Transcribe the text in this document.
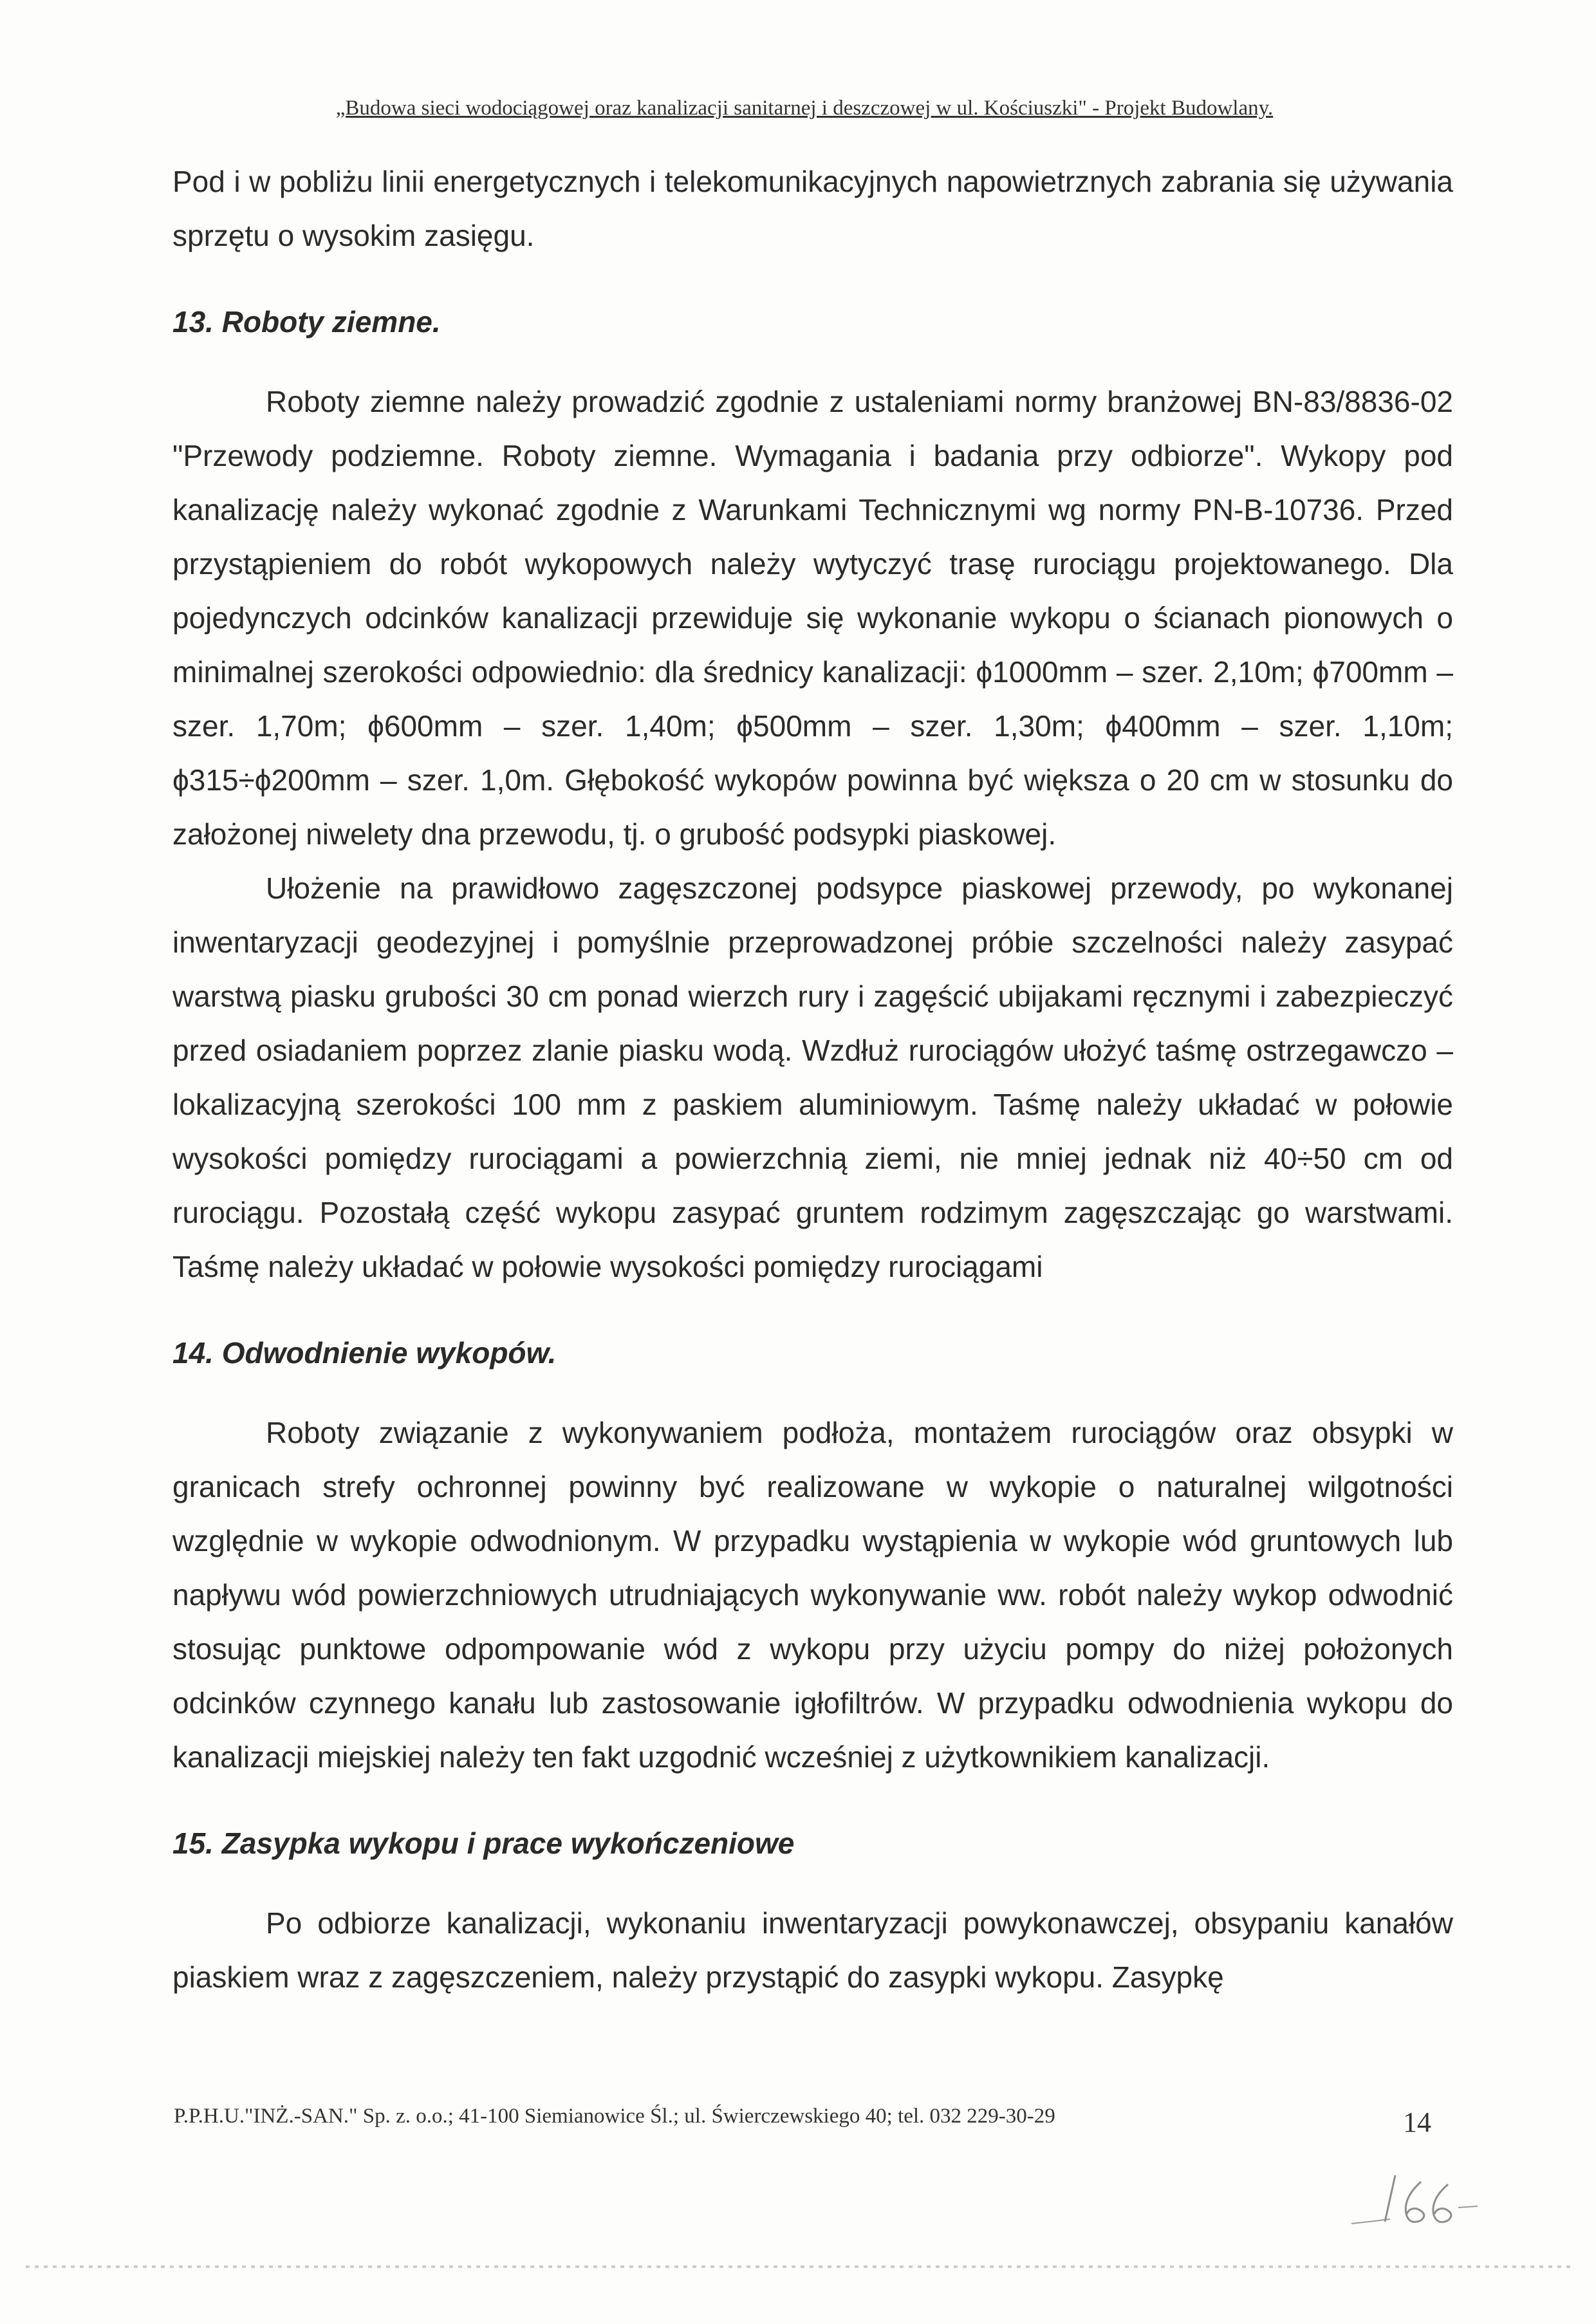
„Budowa sieci wodociągowej oraz kanalizacji sanitarnej i deszczowej w ul. Kościuszki" - Projekt Budowlany.

Pod i w pobliżu linii energetycznych i telekomunikacyjnych napowietrznych zabrania się używania sprzętu o wysokim zasięgu.

13. Roboty ziemne.

Roboty ziemne należy prowadzić zgodnie z ustaleniami normy branżowej BN-83/8836-02 "Przewody podziemne. Roboty ziemne. Wymagania i badania przy odbiorze". Wykopy pod kanalizację należy wykonać zgodnie z Warunkami Technicznymi wg normy PN-B-10736. Przed przystąpieniem do robót wykopowych należy wytyczyć trasę rurociągu projektowanego. Dla pojedynczych odcinków kanalizacji przewiduje się wykonanie wykopu o ścianach pionowych o minimalnej szerokości odpowiednio: dla średnicy kanalizacji: ϕ1000mm – szer. 2,10m; ϕ700mm – szer. 1,70m; ϕ600mm – szer. 1,40m; ϕ500mm – szer. 1,30m; ϕ400mm – szer. 1,10m; ϕ315÷ϕ200mm – szer. 1,0m. Głębokość wykopów powinna być większa o 20 cm w stosunku do założonej niwelety dna przewodu, tj. o grubość podsypki piaskowej.

Ułożenie na prawidłowo zagęszczonej podsypce piaskowej przewody, po wykonanej inwentaryzacji geodezyjnej i pomyślnie przeprowadzonej próbie szczelności należy zasypać warstwą piasku grubości 30 cm ponad wierzch rury i zagęścić ubijakami ręcznymi i zabezpieczyć przed osiadaniem poprzez zlanie piasku wodą. Wzdłuż rurociągów ułożyć taśmę ostrzegawczo – lokalizacyjną szerokości 100 mm z paskiem aluminiowym. Taśmę należy układać w połowie wysokości pomiędzy rurociągami a powierzchnią ziemi, nie mniej jednak niż 40÷50 cm od rurociągu. Pozostałą część wykopu zasypać gruntem rodzimym zagęszczając go warstwami. Taśmę należy układać w połowie wysokości pomiędzy rurociągami

14. Odwodnienie wykopów.

Roboty związanie z wykonywaniem podłoża, montażem rurociągów oraz obsypki w granicach strefy ochronnej powinny być realizowane w wykopie o naturalnej wilgotności względnie w wykopie odwodnionym. W przypadku wystąpienia w wykopie wód gruntowych lub napływu wód powierzchniowych utrudniających wykonywanie ww. robót należy wykop odwodnić stosując punktowe odpompowanie wód z wykopu przy użyciu pompy do niżej położonych odcinków czynnego kanału lub zastosowanie igłofiltrów. W przypadku odwodnienia wykopu do kanalizacji miejskiej należy ten fakt uzgodnić wcześniej z użytkownikiem kanalizacji.

15. Zasypka wykopu i prace wykończeniowe

Po odbiorze kanalizacji, wykonaniu inwentaryzacji powykonawczej, obsypaniu kanałów piaskiem wraz z zagęszczeniem, należy przystąpić do zasypki wykopu. Zasypkę

P.P.H.U."INŻ.-SAN." Sp. z. o.o.; 41-100 Siemianowice Śl.; ul. Świerczewskiego 40; tel. 032 229-30-29	14
